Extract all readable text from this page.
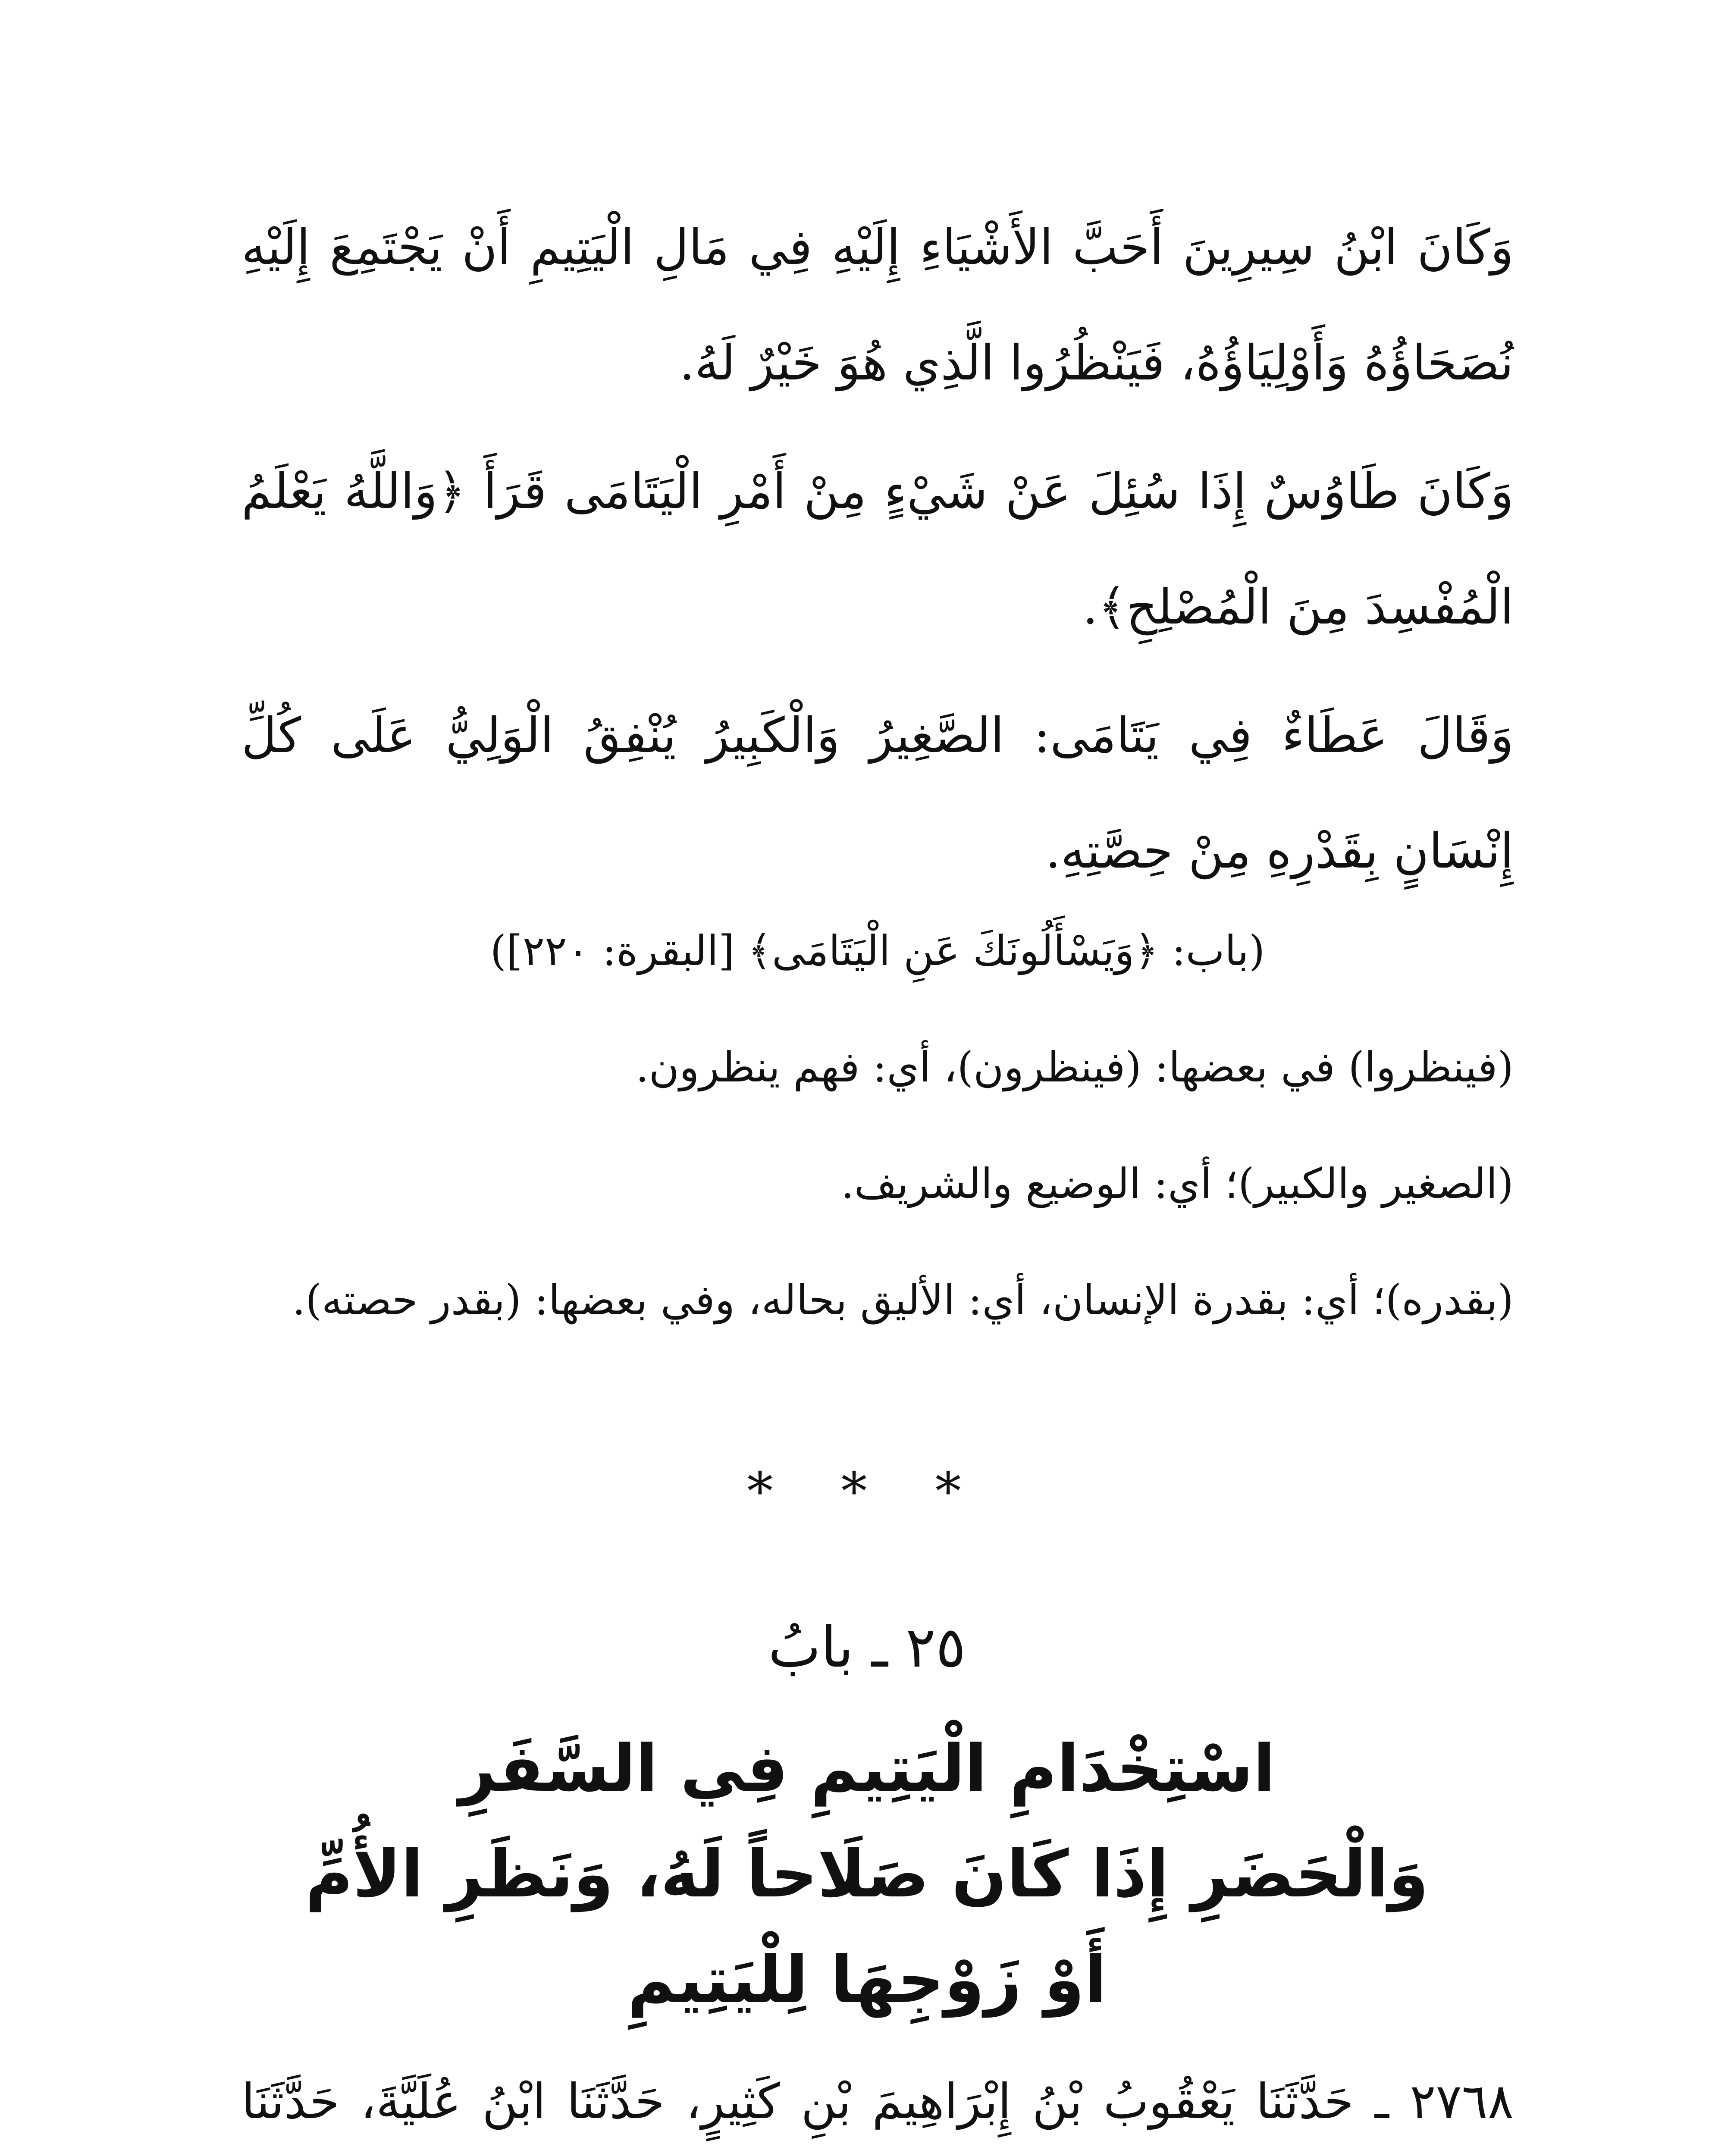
وَكَانَ ابْنُ سِيرِينَ أَحَبَّ الأَشْيَاءِ إِلَيْهِ فِي مَالِ الْيَتِيمِ أَنْ يَجْتَمِعَ إِلَيْهِ نُصَحَاؤُهُ وَأَوْلِيَاؤُهُ، فَيَنْظُرُوا الَّذِي هُوَ خَيْرٌ لَهُ.

وَكَانَ طَاوُسٌ إِذَا سُئِلَ عَنْ شَيْءٍ مِنْ أَمْرِ الْيَتَامَى قَرَأَ ﴿وَاللَّهُ يَعْلَمُ الْمُفْسِدَ مِنَ الْمُصْلِحِ﴾.

وَقَالَ عَطَاءٌ فِي يَتَامَى: الصَّغِيرُ وَالْكَبِيرُ يُنْفِقُ الْوَلِيُّ عَلَى كُلِّ إِنْسَانٍ بِقَدْرِهِ مِنْ حِصَّتِهِ.

(باب: ﴿وَيَسْأَلُونَكَ عَنِ الْيَتَامَى﴾ [البقرة: ٢٢٠])

(فينظروا) في بعضها: (فينظرون)، أي: فهم ينظرون.

(الصغير والكبير)؛ أي: الوضيع والشريف.

(بقدره)؛ أي: بقدرة الإنسان، أي: الأليق بحاله، وفي بعضها: (بقدر حصته).

* * *
٢٥ ـ بابُ
اسْتِخْدَامِ الْيَتِيمِ فِي السَّفَرِ
وَالْحَضَرِ إِذَا كَانَ صَلَاحاً لَهُ، وَنَظَرِ الأُمِّ
أَوْ زَوْجِهَا لِلْيَتِيمِ

٢٧٦٨ ـ حَدَّثَنَا يَعْقُوبُ بْنُ إِبْرَاهِيمَ بْنِ كَثِيرٍ، حَدَّثَنَا ابْنُ عُلَيَّةَ، حَدَّثَنَا
